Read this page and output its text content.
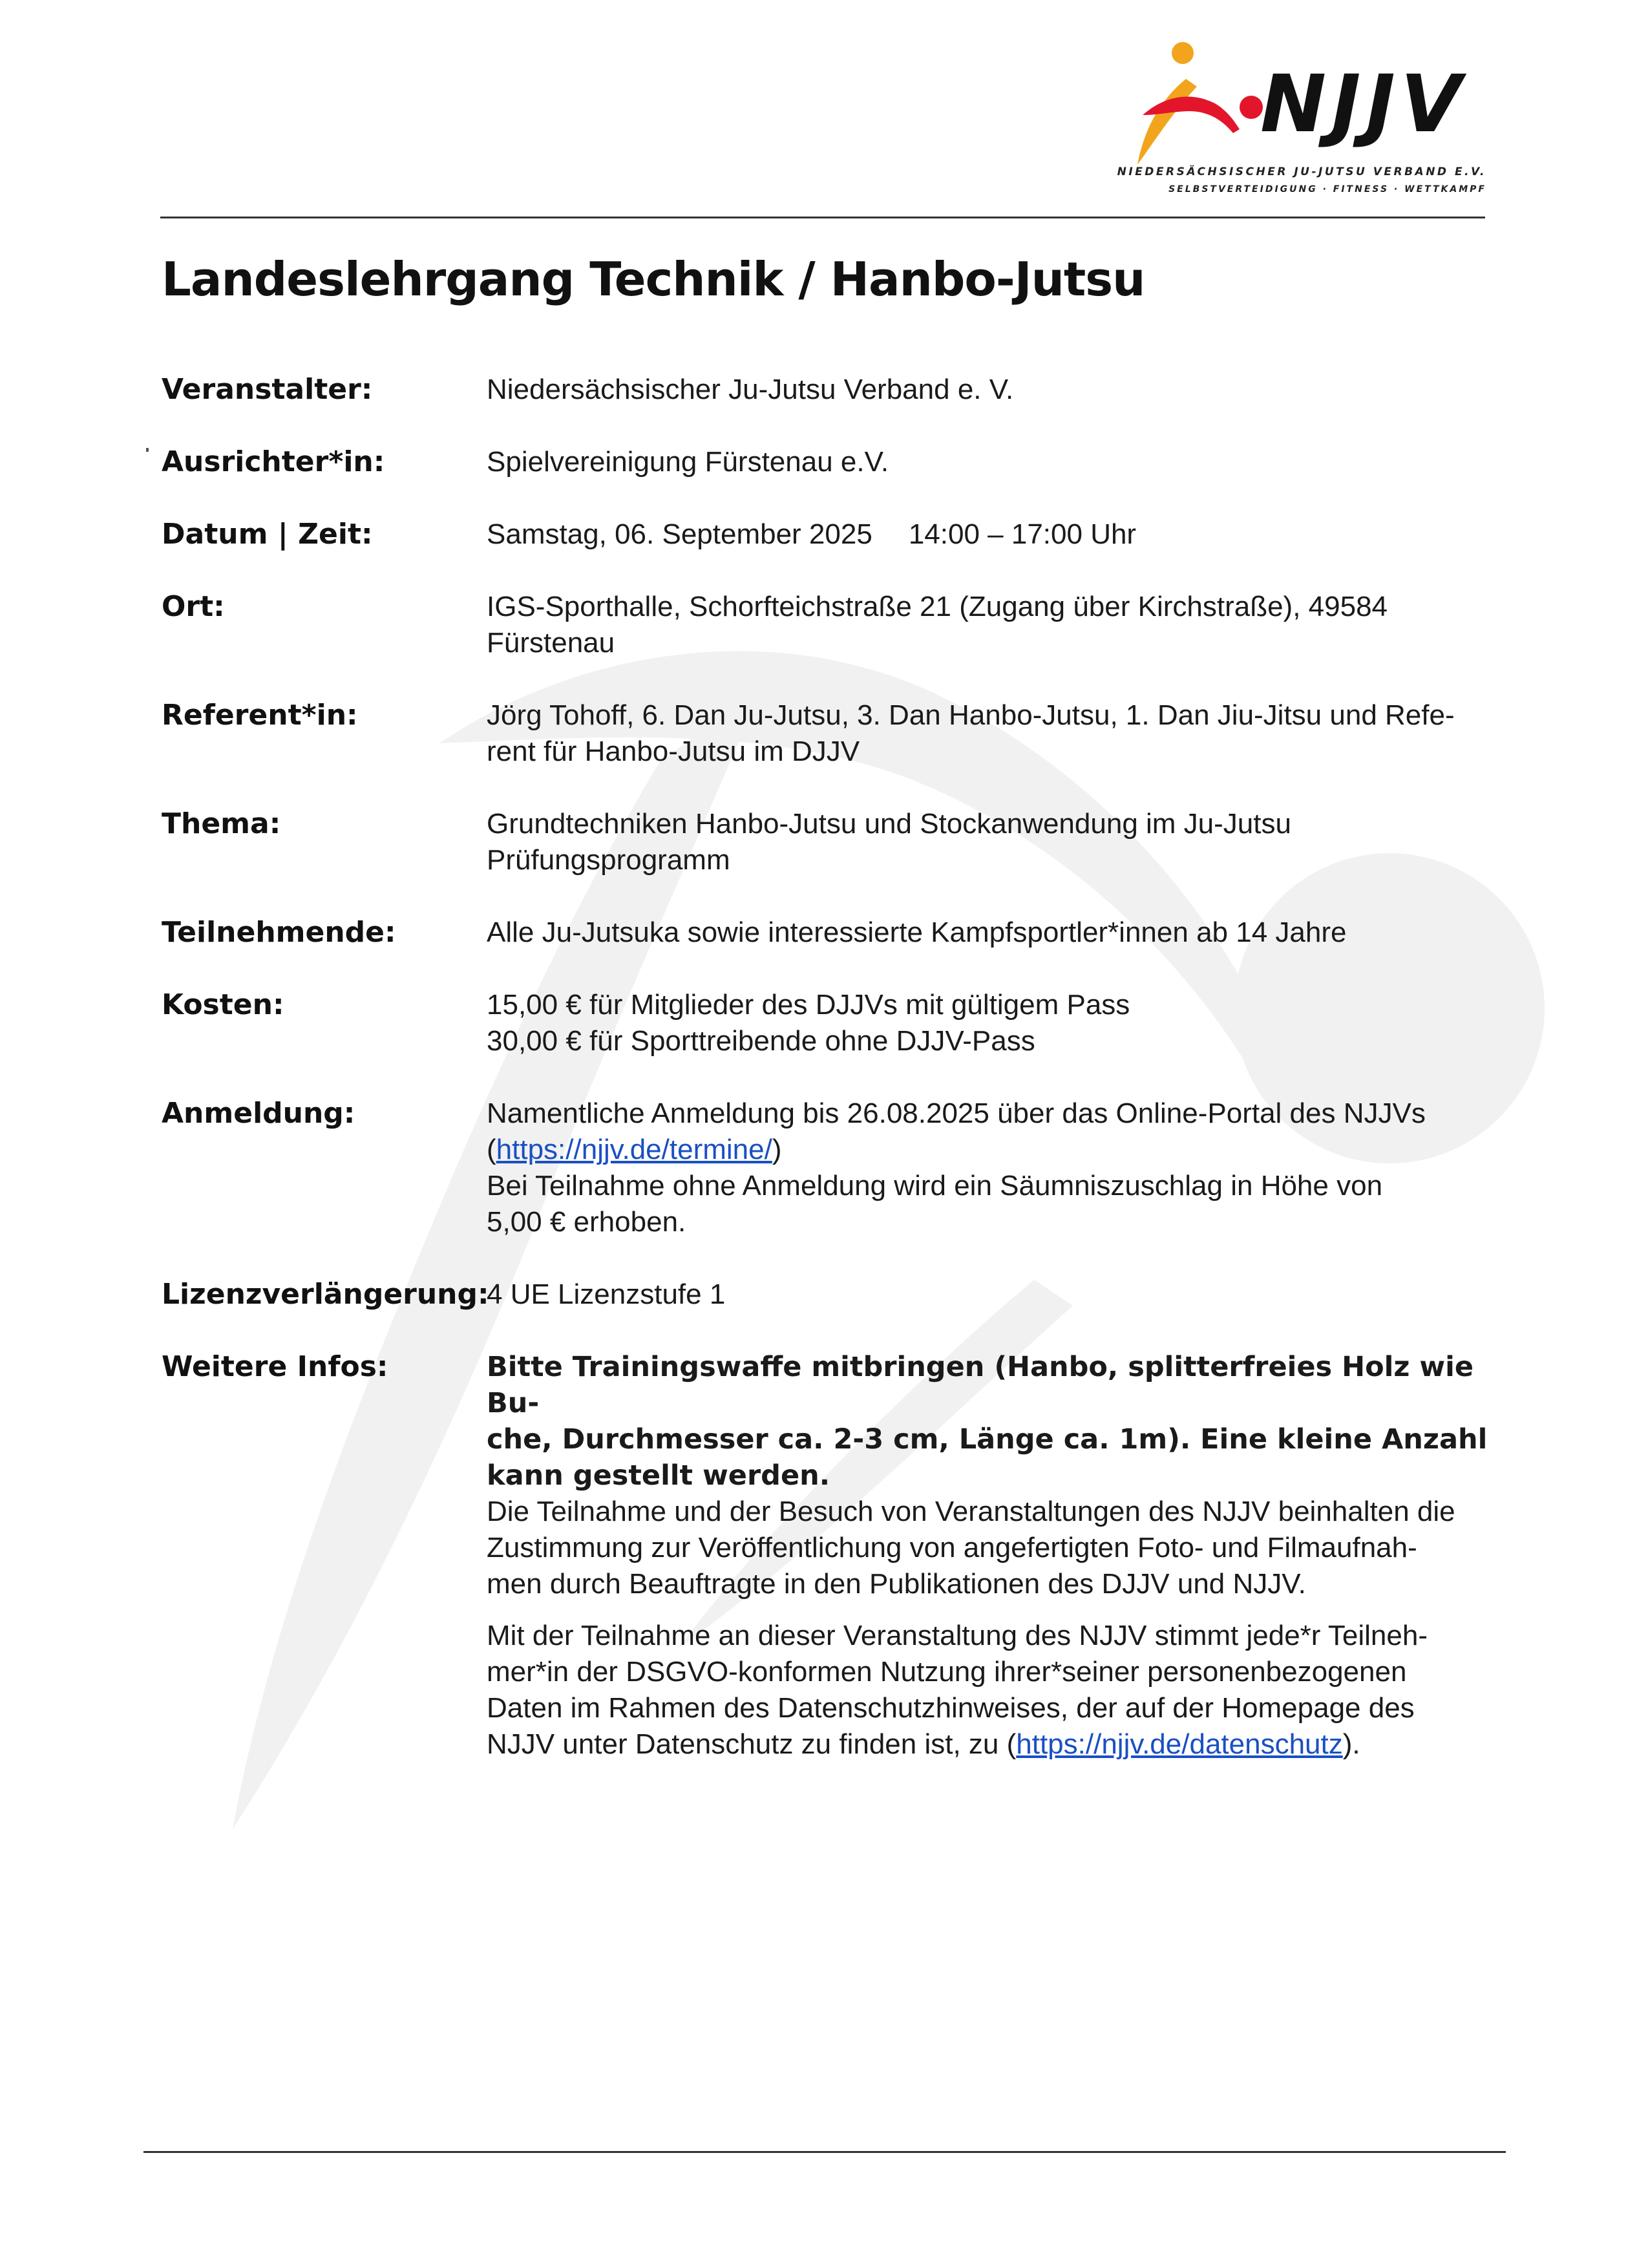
NJJV
NIEDERSÄCHSISCHER JU-JUTSU VERBAND E.V.
SELBSTVERTEIDIGUNG · FITNESS · WETTKAMPF
Landeslehrgang Technik / Hanbo-Jutsu
Veranstalter:	Niedersächsischer Ju-Jutsu Verband e. V.
Ausrichter*in:	Spielvereinigung Fürstenau e.V.
Datum | Zeit:	Samstag, 06. September 2025 14:00 – 17:00 Uhr
Ort:	IGS-Sporthalle, Schorfteichstraße 21 (Zugang über Kirchstraße), 49584

Fürstenau

Referent*in:	Jörg Tohoff, 6. Dan Ju-Jutsu, 3. Dan Hanbo-Jutsu, 1. Dan Jiu-Jitsu und Refe-

rent für Hanbo-Jutsu im DJJV

Thema:	Grundtechniken Hanbo-Jutsu und Stockanwendung im Ju-Jutsu

Prüfungsprogramm

Teilnehmende:	Alle Ju-Jutsuka sowie interessierte Kampfsportler*innen ab 14 Jahre
Kosten:	15,00 € für Mitglieder des DJJVs mit gültigem Pass

30,00 € für Sporttreibende ohne DJJV-Pass

Anmeldung:	Namentliche Anmeldung bis 26.08.2025 über das Online-Portal des NJJVs

(https://njjv.de/termine/)

Bei Teilnahme ohne Anmeldung wird ein Säumniszuschlag in Höhe von

5,00 € erhoben.

Lizenzverlängerung:
4 UE Lizenzstufe 1
Weitere Infos:	Bitte Trainingswaffe mitbringen (Hanbo, splitterfreies Holz wie Bu-

che, Durchmesser ca. 2-3 cm, Länge ca. 1m). Eine kleine Anzahl

kann gestellt werden.

Die Teilnahme und der Besuch von Veranstaltungen des NJJV beinhalten die

Zustimmung zur Veröffentlichung von angefertigten Foto- und Filmaufnah-

men durch Beauftragte in den Publikationen des DJJV und NJJV.

Mit der Teilnahme an dieser Veranstaltung des NJJV stimmt jede*r Teilneh-

mer*in der DSGVO-konformen Nutzung ihrer*seiner personenbezogenen

Daten im Rahmen des Datenschutzhinweises, der auf der Homepage des

NJJV unter Datenschutz zu finden ist, zu (https://njjv.de/datenschutz).
